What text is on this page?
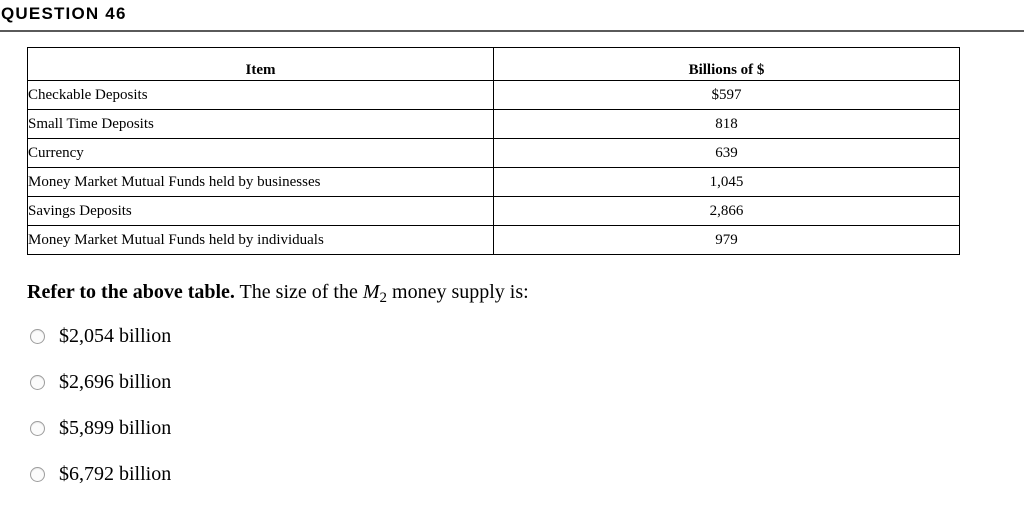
QUESTION 46
Item	Billions of $
Checkable Deposits	$597
Small Time Deposits	818
Currency	639
Money Market Mutual Funds held by businesses	1,045
Savings Deposits	2,866
Money Market Mutual Funds held by individuals	979
Refer to the above table. The size of the $M_2$ money supply is:
$2,054 billion
$2,696 billion
$5,899 billion
$6,792 billion
